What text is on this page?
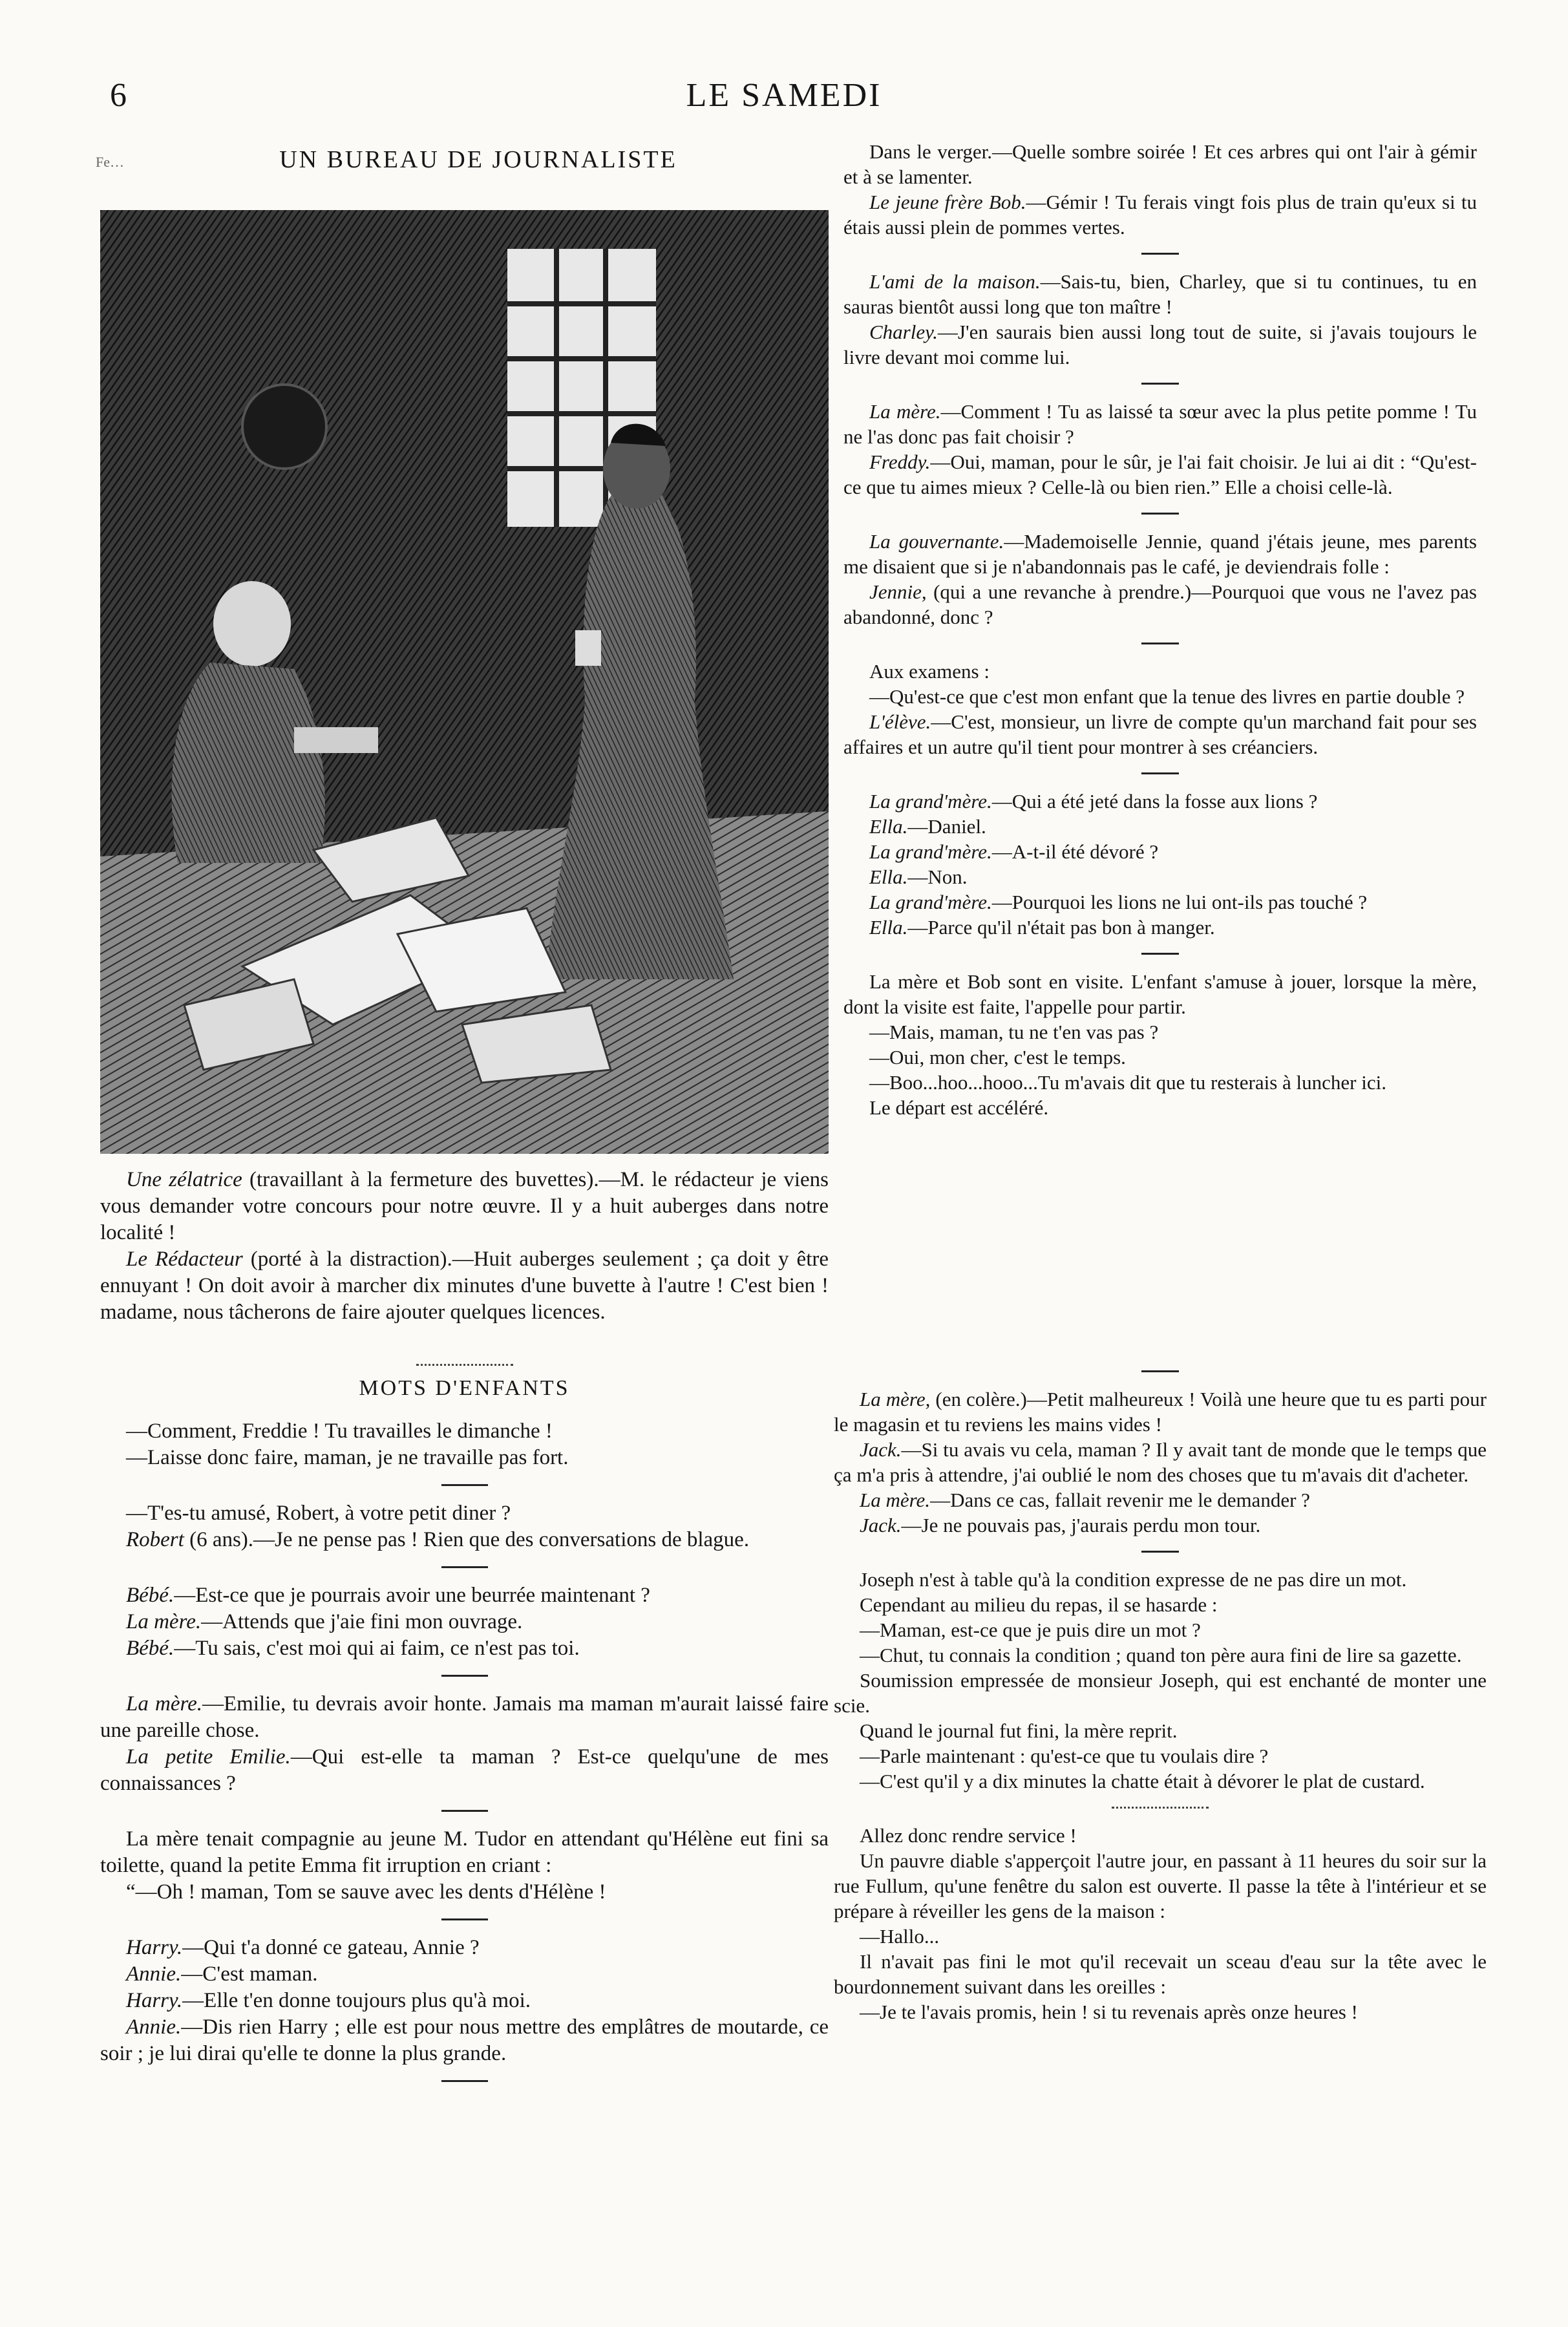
6	LE SAMEDI
Fe…	UN BUREAU DE JOURNALISTE

Une zélatrice (travaillant à la fermeture des buvettes).—M. le rédacteur je viens vous demander votre concours pour notre œuvre. Il y a huit auberges dans notre localité !

Le Rédacteur (porté à la distraction).—Huit auberges seulement ; ça doit y être ennuyant ! On doit avoir à marcher dix minutes d'une buvette à l'autre ! C'est bien ! madame, nous tâcherons de faire ajouter quelques licences.

MOTS D'ENFANTS

—Comment, Freddie ! Tu travailles le dimanche !

—Laisse donc faire, maman, je ne travaille pas fort.

—T'es-tu amusé, Robert, à votre petit diner ?

Robert (6 ans).—Je ne pense pas ! Rien que des conversations de blague.

Bébé.—Est-ce que je pourrais avoir une beurrée maintenant ?

La mère.—Attends que j'aie fini mon ouvrage.

Bébé.—Tu sais, c'est moi qui ai faim, ce n'est pas toi.

La mère.—Emilie, tu devrais avoir honte. Jamais ma maman m'aurait laissé faire une pareille chose.

La petite Emilie.—Qui est-elle ta maman ? Est-ce quelqu'une de mes connaissances ?

La mère tenait compagnie au jeune M. Tudor en attendant qu'Hélène eut fini sa toilette, quand la petite Emma fit irruption en criant :

“—Oh ! maman, Tom se sauve avec les dents d'Hélène !

Harry.—Qui t'a donné ce gateau, Annie ?

Annie.—C'est maman.

Harry.—Elle t'en donne toujours plus qu'à moi.

Annie.—Dis rien Harry ; elle est pour nous mettre des emplâtres de moutarde, ce soir ; je lui dirai qu'elle te donne la plus grande.

Dans le verger.—Quelle sombre soirée ! Et ces arbres qui ont l'air à gémir et à se lamenter.

Le jeune frère Bob.—Gémir ! Tu ferais vingt fois plus de train qu'eux si tu étais aussi plein de pommes vertes.

L'ami de la maison.—Sais-tu, bien, Charley, que si tu continues, tu en sauras bientôt aussi long que ton maître !

Charley.—J'en saurais bien aussi long tout de suite, si j'avais toujours le livre devant moi comme lui.

La mère.—Comment ! Tu as laissé ta sœur avec la plus petite pomme ! Tu ne l'as donc pas fait choisir ?

Freddy.—Oui, maman, pour le sûr, je l'ai fait choisir. Je lui ai dit : “Qu'est-ce que tu aimes mieux ? Celle-là ou bien rien.” Elle a choisi celle-là.

La gouvernante.—Mademoiselle Jennie, quand j'étais jeune, mes parents me disaient que si je n'abandonnais pas le café, je deviendrais folle :

Jennie, (qui a une revanche à prendre.)—Pourquoi que vous ne l'avez pas abandonné, donc ?

Aux examens :

—Qu'est-ce que c'est mon enfant que la tenue des livres en partie double ?

L'élève.—C'est, monsieur, un livre de compte qu'un marchand fait pour ses affaires et un autre qu'il tient pour montrer à ses créanciers.

La grand'mère.—Qui a été jeté dans la fosse aux lions ?

Ella.—Daniel.

La grand'mère.—A-t-il été dévoré ?

Ella.—Non.

La grand'mère.—Pourquoi les lions ne lui ont-ils pas touché ?

Ella.—Parce qu'il n'était pas bon à manger.

La mère et Bob sont en visite. L'enfant s'amuse à jouer, lorsque la mère, dont la visite est faite, l'appelle pour partir.

—Mais, maman, tu ne t'en vas pas ?

—Oui, mon cher, c'est le temps.

—Boo...hoo...hooo...Tu m'avais dit que tu resterais à luncher ici.

Le départ est accéléré.

La mère, (en colère.)—Petit malheureux ! Voilà une heure que tu es parti pour le magasin et tu reviens les mains vides !

Jack.—Si tu avais vu cela, maman ? Il y avait tant de monde que le temps que ça m'a pris à attendre, j'ai oublié le nom des choses que tu m'avais dit d'acheter.

La mère.—Dans ce cas, fallait revenir me le demander ?

Jack.—Je ne pouvais pas, j'aurais perdu mon tour.

Joseph n'est à table qu'à la condition expresse de ne pas dire un mot.

Cependant au milieu du repas, il se hasarde :

—Maman, est-ce que je puis dire un mot ?

—Chut, tu connais la condition ; quand ton père aura fini de lire sa gazette.

Soumission empressée de monsieur Joseph, qui est enchanté de monter une scie.

Quand le journal fut fini, la mère reprit.

—Parle maintenant : qu'est-ce que tu voulais dire ?

—C'est qu'il y a dix minutes la chatte était à dévorer le plat de custard.

Allez donc rendre service !

Un pauvre diable s'apperçoit l'autre jour, en passant à 11 heures du soir sur la rue Fullum, qu'une fenêtre du salon est ouverte. Il passe la tête à l'intérieur et se prépare à réveiller les gens de la maison :

—Hallo...

Il n'avait pas fini le mot qu'il recevait un sceau d'eau sur la tête avec le bourdonnement suivant dans les oreilles :

—Je te l'avais promis, hein ! si tu revenais après onze heures !
